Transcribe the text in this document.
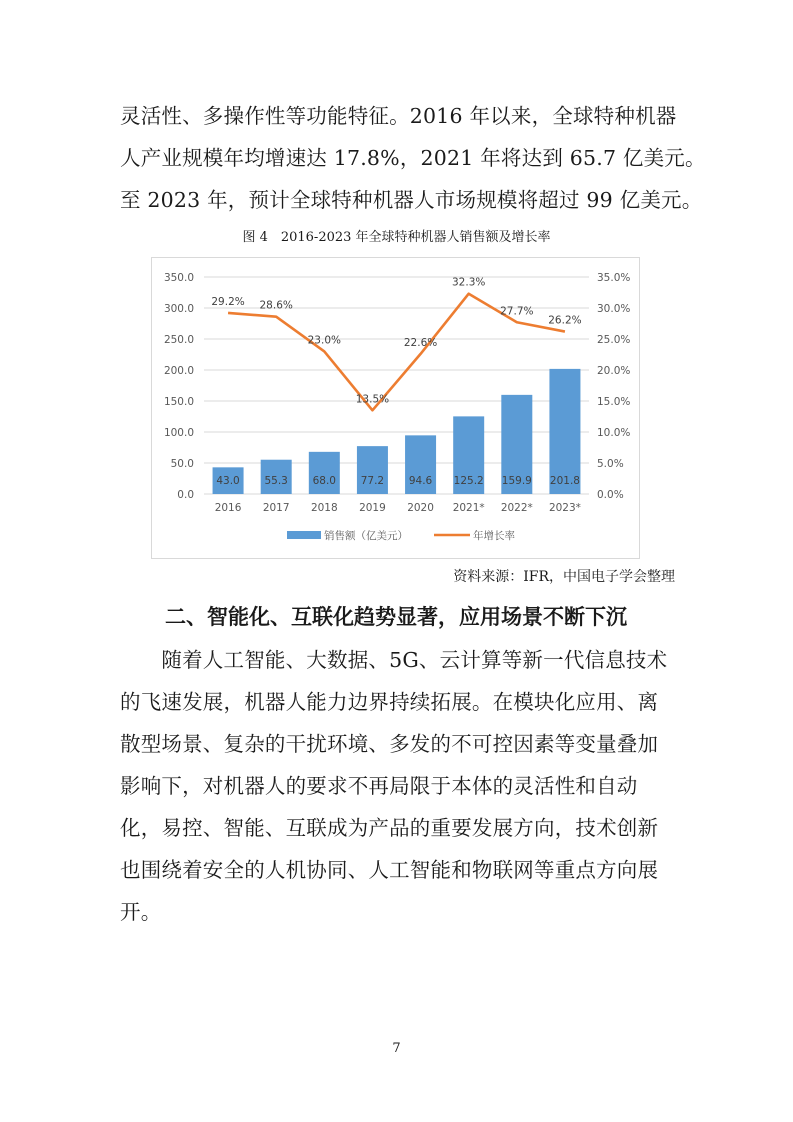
灵活性、多操作性等功能特征。2016 年以来，全球特种机器
人产业规模年均增速达 17.8%，2021 年将达到 65.7 亿美元。
至 2023 年，预计全球特种机器人市场规模将超过 99 亿美元。
图 4　2016-2023 年全球特种机器人销售额及增长率
0.0
50.0
100.0
150.0
200.0
250.0
300.0
350.0
0.0%
5.0%
10.0%
15.0%
20.0%
25.0%
30.0%
35.0%
43.0
2016
55.3
2017
68.0
2018
77.2
2019
94.6
2020
125.2
2021*
159.9
2022*
201.8
2023*
29.2% 28.6%
23.0%
13.5%
22.6%
32.3%
27.7%
26.2%
销售额（亿美元）	年增长率
资料来源：IFR，中国电子学会整理
二、智能化、互联化趋势显著，应用场景不断下沉
　　随着人工智能、大数据、5G、云计算等新一代信息技术
的飞速发展，机器人能力边界持续拓展。在模块化应用、离
散型场景、复杂的干扰环境、多发的不可控因素等变量叠加
影响下，对机器人的要求不再局限于本体的灵活性和自动
化，易控、智能、互联成为产品的重要发展方向，技术创新
也围绕着安全的人机协同、人工智能和物联网等重点方向展
开。
7
